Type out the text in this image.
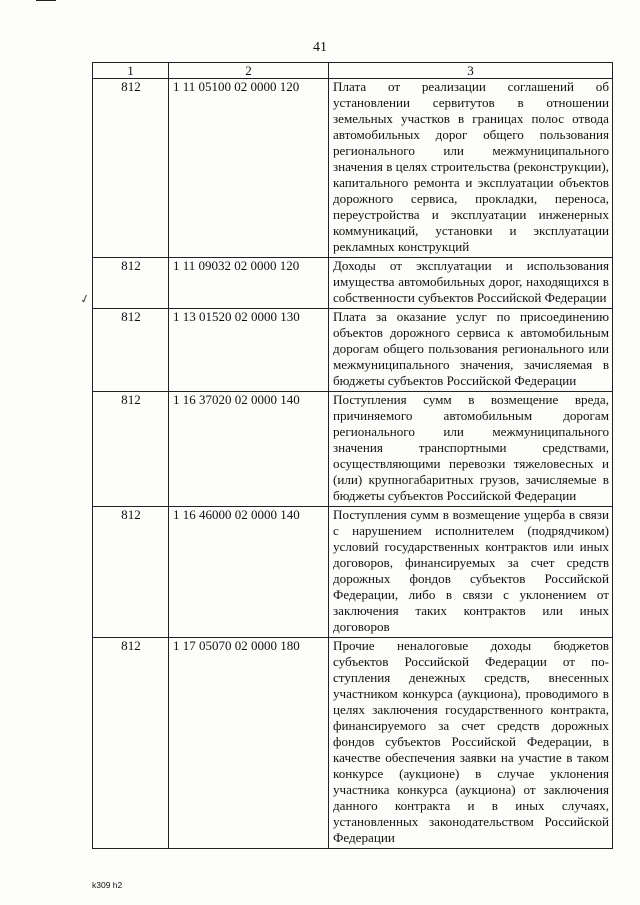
41
1	2	3
812	1 11 05100 02 0000 120	Плата от реализации соглашений об установлении сервитутов в отношении земельных участков в границах полос отвода автомобильных дорог общего пользования регионального или межмуниципального значения в целях строительства (реконструкции), капитального ремонта и эксплуатации объектов дорожного сервиса, прокладки, переноса, переустройства и эксплуатации инженерных коммуникаций, установки и эксплуатации рекламных конструкций
812	1 11 09032 02 0000 120	Доходы от эксплуатации и использования имущества автомобильных дорог, находящихся в собственности субъектов Российской Федерации
812	1 13 01520 02 0000 130	Плата за оказание услуг по присоединению объектов дорожного сервиса к автомобильным дорогам общего пользования регионального или межмуниципального значения, зачисляемая в бюджеты субъектов Российской Федерации
812	1 16 37020 02 0000 140	Поступления сумм в возмещение вреда, причиняемого автомобильным дорогам регионального или межмуниципального значения транспортными средствами, осуществляющими перевозки тяжеловесных и (или) крупногабаритных грузов, зачисляемые в бюджеты субъектов Российской Федерации
812	1 16 46000 02 0000 140	Поступления сумм в возмещение ущерба в связи с нарушением исполнителем (подрядчиком) условий государственных контрактов или иных договоров, финансируемых за счет средств дорожных фондов субъектов Российской Федерации, либо в связи с уклонением от заключения таких контрактов или иных договоров
812	1 17 05070 02 0000 180	Прочие неналоговые доходы бюджетов субъектов Российской Федерации от поступления денежных средств, внесенных участником конкурса (аукциона), проводимого в целях заключения государственного контракта, финансируемого за счет средств дорожных фондов субъектов Российской Федерации, в качестве обеспечения заявки на участие в таком конкурсе (аукционе) в случае уклонения участника конкурса (аукциона) от заключения данного контракта и в иных случаях, установленных законодательством Российской Федерации
✓
k309 h2
